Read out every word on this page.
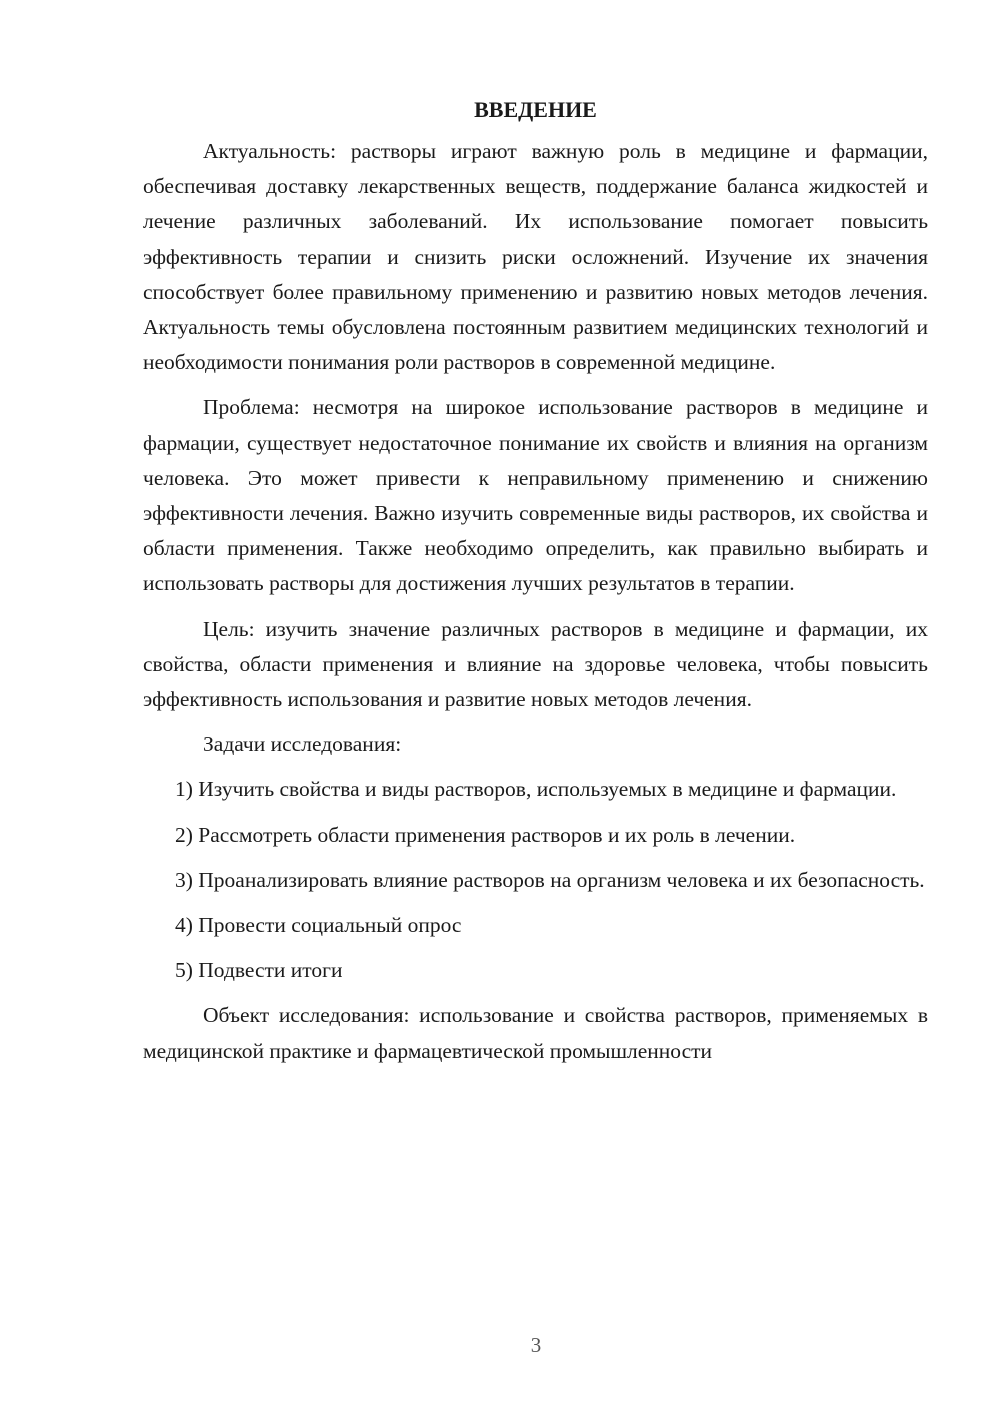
ВВЕДЕНИЕ

Актуальность: растворы играют важную роль в медицине и фармации, обеспечивая доставку лекарственных веществ, поддержание баланса жидкостей и лечение различных заболеваний. Их использование помогает повысить эффективность терапии и снизить риски осложнений. Изучение их значения способствует более правильному применению и развитию новых методов лечения. Актуальность темы обусловлена постоянным развитием медицинских технологий и необходимости понимания роли растворов в современной медицине.

Проблема: несмотря на широкое использование растворов в медицине и фармации, существует недостаточное понимание их свойств и влияния на организм человека. Это может привести к неправильному применению и снижению эффективности лечения. Важно изучить современные виды растворов, их свойства и области применения. Также необходимо определить, как правильно выбирать и использовать растворы для достижения лучших результатов в терапии.

Цель: изучить значение различных растворов в медицине и фармации, их свойства, области применения и влияние на здоровье человека, чтобы повысить эффективность использования и развитие новых методов лечения.

Задачи исследования:

1) Изучить свойства и виды растворов, используемых в медицине и фармации.

2) Рассмотреть области применения растворов и их роль в лечении.

3) Проанализировать влияние растворов на организм человека и их безопасность.

4) Провести социальный опрос

5) Подвести итоги

Объект исследования: использование и свойства растворов, применяемых в медицинской практике и фармацевтической промышленности

3
